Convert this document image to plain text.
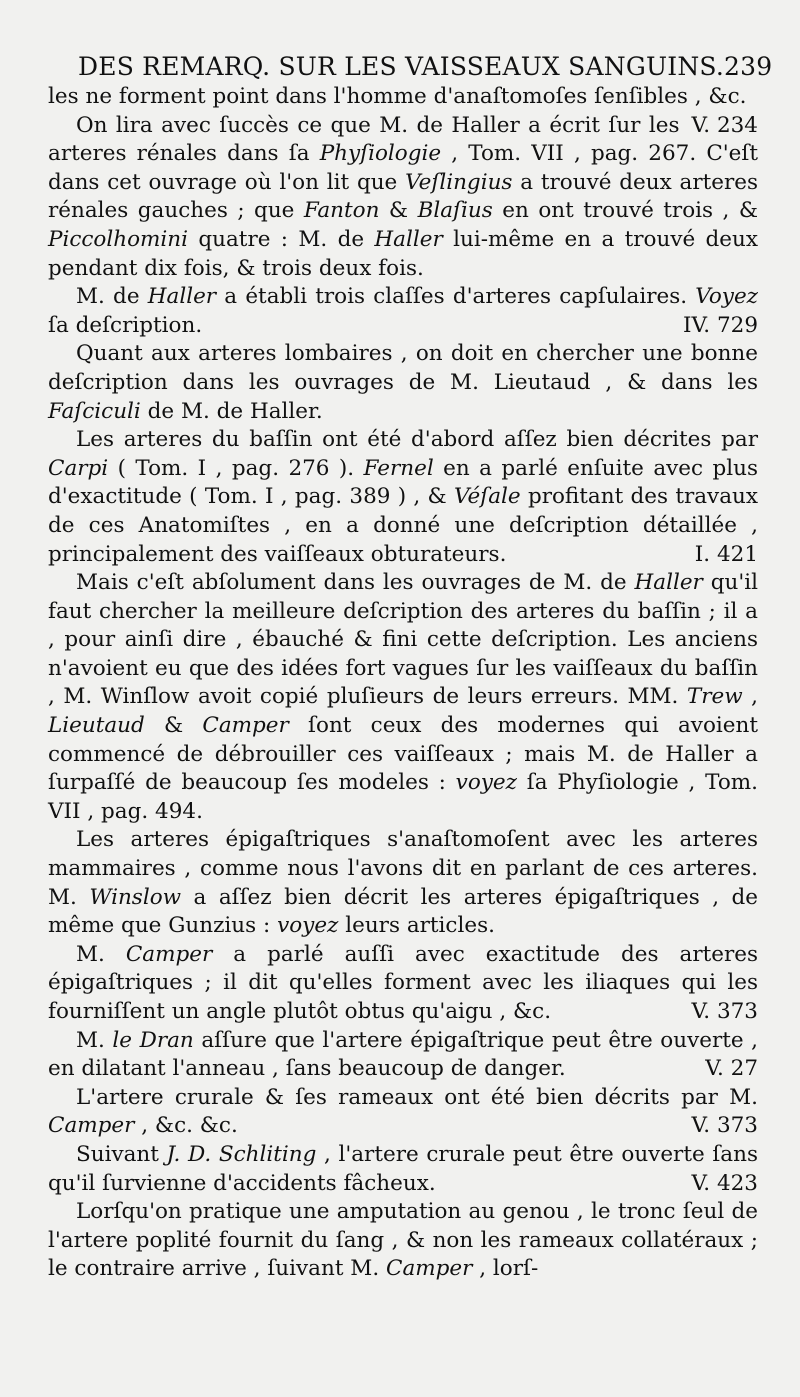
DES REMARQ. SUR LES VAISSEAUX SANGUINS. 239

les ne forment point dans l'homme d'anaſtomoſes ſenſibles , &c.
V. 234

On lira avec ſuccès ce que M. de Haller a écrit ſur les arteres rénales dans ſa Phyſiologie , Tom. VII , pag. 267. C'eſt dans cet ouvrage où l'on lit que Veſlingius a trouvé deux arteres rénales gauches ; que Fanton & Blaſius en ont trouvé trois , & Piccolhomini quatre : M. de Haller lui-même en a trouvé deux pendant dix fois, & trois deux fois.

M. de Haller a établi trois claſſes d'arteres capſulaires. Voyez ſa deſcription.	IV. 729

Quant aux arteres lombaires , on doit en chercher une bonne deſcription dans les ouvrages de M. Lieutaud , & dans les Faſciculi de M. de Haller.

Les arteres du baſſin ont été d'abord aſſez bien décrites par Carpi ( Tom. I , pag. 276 ). Fernel en a parlé enſuite avec plus d'exactitude ( Tom. I , pag. 389 ) , & Véſale profitant des travaux de ces Anatomiſtes , en a donné une deſcription détaillée , principalement des vaiſſeaux obturateurs.	I. 421

Mais c'eſt abſolument dans les ouvrages de M. de Haller qu'il faut chercher la meilleure deſcription des arteres du baſſin ; il a , pour ainſi dire , ébauché & fini cette deſcription. Les anciens n'avoient eu que des idées fort vagues ſur les vaiſſeaux du baſſin , M. Winſlow avoit copié pluſieurs de leurs erreurs. MM. Trew , Lieutaud & Camper ſont ceux des modernes qui avoient commencé de débrouiller ces vaiſſeaux ; mais M. de Haller a ſurpaſſé de beaucoup ſes modeles : voyez ſa Phyſiologie , Tom. VII , pag. 494.

Les arteres épigaſtriques s'anaſtomoſent avec les arteres mammaires , comme nous l'avons dit en parlant de ces arteres. M. Winslow a aſſez bien décrit les arteres épigaſtriques , de même que Gunzius : voyez leurs articles.

M. Camper a parlé auſſi avec exactitude des arteres épigaſtriques ; il dit qu'elles forment avec les iliaques qui les fourniſſent un angle plutôt obtus qu'aigu , &c.	V. 373

M. le Dran aſſure que l'artere épigaſtrique peut être ouverte , en dilatant l'anneau , ſans beaucoup de danger.	V. 27

L'artere crurale & ſes rameaux ont été bien décrits par M. Camper , &c. &c.	V. 373

Suivant J. D. Schliting , l'artere crurale peut être ouverte ſans qu'il ſurvienne d'accidents fâcheux.	V. 423

Lorſqu'on pratique une amputation au genou , le tronc ſeul de l'artere poplité fournit du ſang , & non les rameaux collatéraux ; le contraire arrive , ſuivant M. Camper , lorſ-
